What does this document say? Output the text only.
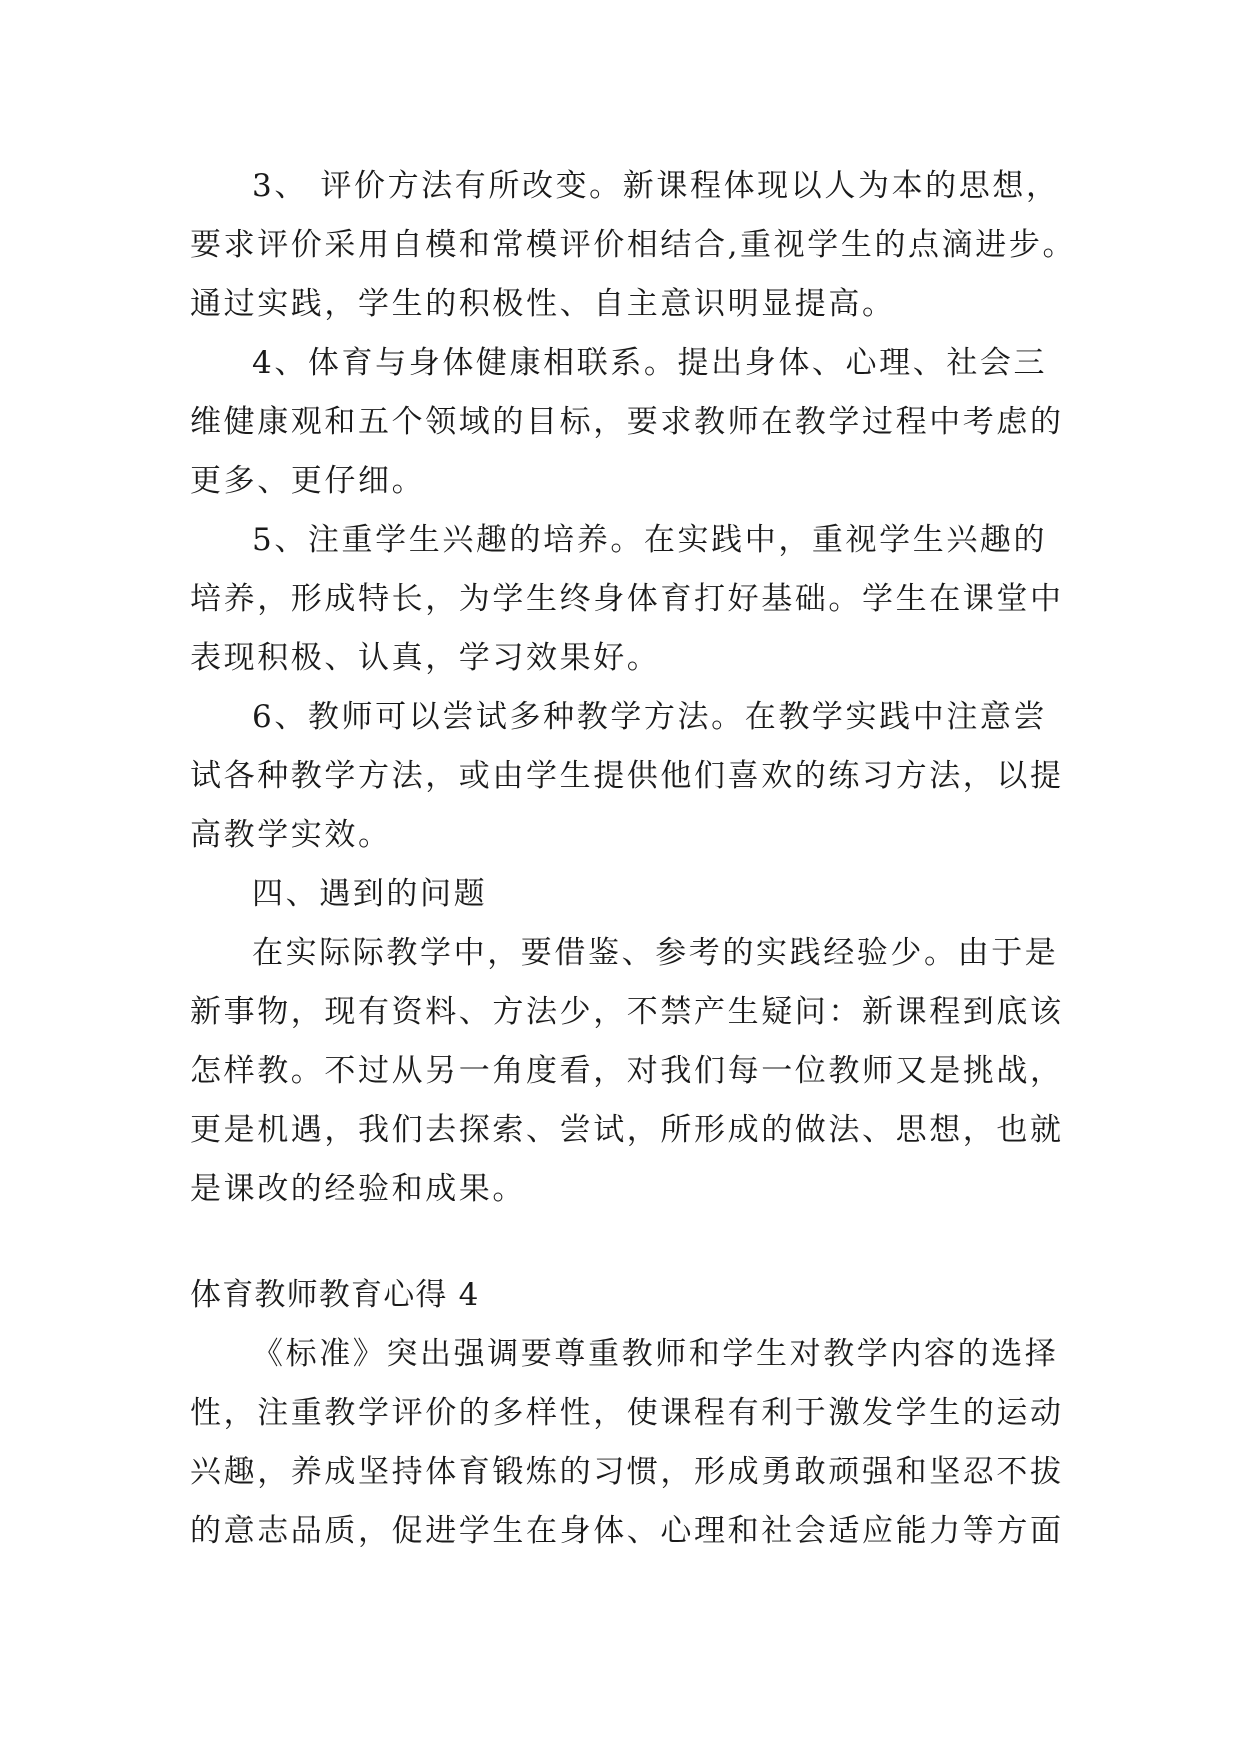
3、 评价方法有所改变。新课程体现以人为本的思想，
要求评价采用自模和常模评价相结合,重视学生的点滴进步。
通过实践，学生的积极性、自主意识明显提高。
4、体育与身体健康相联系。提出身体、心理、社会三
维健康观和五个领域的目标，要求教师在教学过程中考虑的
更多、更仔细。
5、注重学生兴趣的培养。在实践中，重视学生兴趣的
培养，形成特长，为学生终身体育打好基础。学生在课堂中
表现积极、认真，学习效果好。
6、教师可以尝试多种教学方法。在教学实践中注意尝
试各种教学方法，或由学生提供他们喜欢的练习方法，以提
高教学实效。
四、遇到的问题
在实际际教学中，要借鉴、参考的实践经验少。由于是
新事物，现有资料、方法少，不禁产生疑问：新课程到底该
怎样教。不过从另一角度看，对我们每一位教师又是挑战，
更是机遇，我们去探索、尝试，所形成的做法、思想，也就
是课改的经验和成果。
体育教师教育心得 4
《标准》突出强调要尊重教师和学生对教学内容的选择
性，注重教学评价的多样性，使课程有利于激发学生的运动
兴趣，养成坚持体育锻炼的习惯，形成勇敢顽强和坚忍不拔
的意志品质，促进学生在身体、心理和社会适应能力等方面
